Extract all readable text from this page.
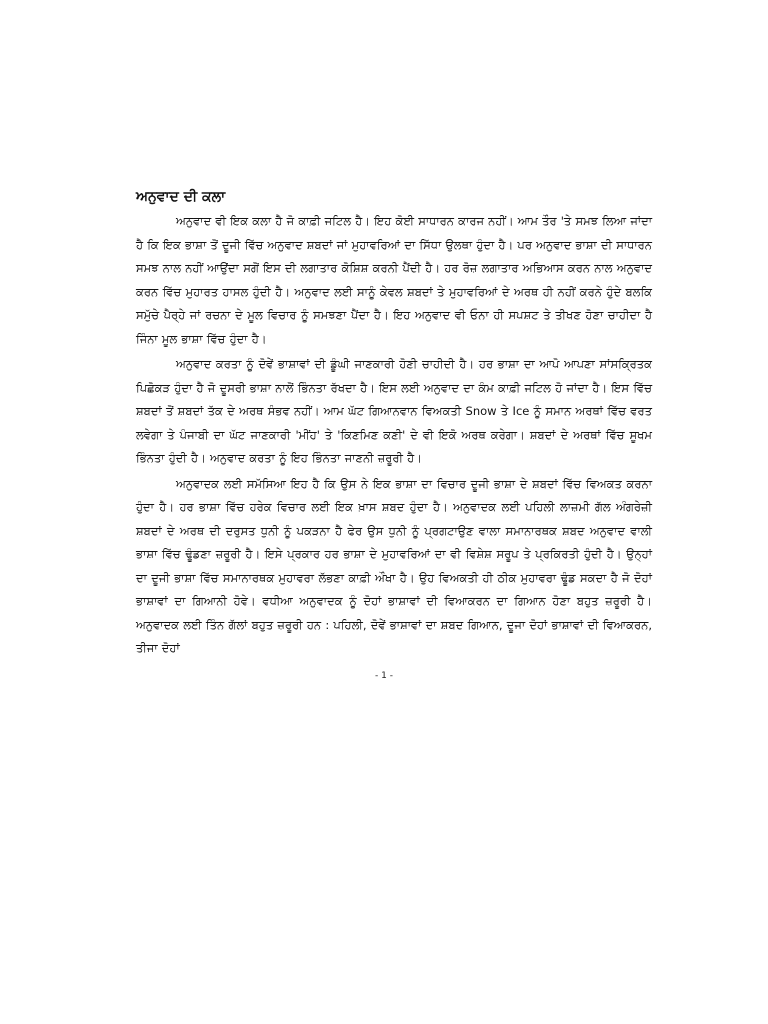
ਅਨੁਵਾਦ ਦੀ ਕਲਾ

ਅਨੁਵਾਦ ਵੀ ਇਕ ਕਲਾ ਹੈ ਜੋ ਕਾਫ਼ੀ ਜਟਿਲ ਹੈ। ਇਹ ਕੋਈ ਸਾਧਾਰਨ ਕਾਰਜ ਨਹੀਂ। ਆਮ ਤੌਰ 'ਤੇ ਸਮਝ ਲਿਆ ਜਾਂਦਾ ਹੈ ਕਿ ਇਕ ਭਾਸ਼ਾ ਤੋਂ ਦੂਜੀ ਵਿੱਚ ਅਨੁਵਾਦ ਸ਼ਬਦਾਂ ਜਾਂ ਮੁਹਾਵਰਿਆਂ ਦਾ ਸਿੱਧਾ ਉਲਥਾ ਹੁੰਦਾ ਹੈ। ਪਰ ਅਨੁਵਾਦ ਭਾਸ਼ਾ ਦੀ ਸਾਧਾਰਨ ਸਮਝ ਨਾਲ ਨਹੀਂ ਆਉਂਦਾ ਸਗੋਂ ਇਸ ਦੀ ਲਗਾਤਾਰ ਕੋਸ਼ਿਸ਼ ਕਰਨੀ ਪੈਂਦੀ ਹੈ। ਹਰ ਰੋਜ਼ ਲਗਾਤਾਰ ਅਭਿਆਸ ਕਰਨ ਨਾਲ ਅਨੁਵਾਦ ਕਰਨ ਵਿੱਚ ਮੁਹਾਰਤ ਹਾਸਲ ਹੁੰਦੀ ਹੈ। ਅਨੁਵਾਦ ਲਈ ਸਾਨੂੰ ਕੇਵਲ ਸ਼ਬਦਾਂ ਤੇ ਮੁਹਾਵਰਿਆਂ ਦੇ ਅਰਥ ਹੀ ਨਹੀਂ ਕਰਨੇ ਹੁੰਦੇ ਬਲਕਿ ਸਮੁੱਚੇ ਪੈਰ੍ਹੇ ਜਾਂ ਰਚਨਾ ਦੇ ਮੂਲ ਵਿਚਾਰ ਨੂੰ ਸਮਝਣਾ ਪੈਂਦਾ ਹੈ। ਇਹ ਅਨੁਵਾਦ ਵੀ ਓਨਾ ਹੀ ਸਪਸ਼ਟ ਤੇ ਤੀਖਣ ਹੋਣਾ ਚਾਹੀਦਾ ਹੈ ਜਿੰਨਾ ਮੂਲ ਭਾਸ਼ਾ ਵਿੱਚ ਹੁੰਦਾ ਹੈ।

ਅਨੁਵਾਦ ਕਰਤਾ ਨੂੰ ਦੋਵੇਂ ਭਾਸ਼ਾਵਾਂ ਦੀ ਡੂੰਘੀ ਜਾਣਕਾਰੀ ਹੋਣੀ ਚਾਹੀਦੀ ਹੈ। ਹਰ ਭਾਸ਼ਾ ਦਾ ਆਪੋ ਆਪਣਾ ਸਾਂਸਕ੍ਰਿਤਕ ਪਿਛੋਕੜ ਹੁੰਦਾ ਹੈ ਜੋ ਦੂਸਰੀ ਭਾਸ਼ਾ ਨਾਲੋਂ ਭਿੰਨਤਾ ਰੱਖਦਾ ਹੈ। ਇਸ ਲਈ ਅਨੁਵਾਦ ਦਾ ਕੰਮ ਕਾਫ਼ੀ ਜਟਿਲ ਹੋ ਜਾਂਦਾ ਹੈ। ਇਸ ਵਿੱਚ ਸ਼ਬਦਾਂ ਤੋਂ ਸ਼ਬਦਾਂ ਤੱਕ ਦੇ ਅਰਥ ਸੰਭਵ ਨਹੀਂ। ਆਮ ਘੱਟ ਗਿਆਨਵਾਨ ਵਿਅਕਤੀ Snow ਤੇ Ice ਨੂੰ ਸਮਾਨ ਅਰਥਾਂ ਵਿੱਚ ਵਰਤ ਲਵੇਗਾ ਤੇ ਪੰਜਾਬੀ ਦਾ ਘੱਟ ਜਾਣਕਾਰੀ 'ਮੀਂਹ' ਤੇ 'ਕਿਣਮਿਣ ਕਣੀ' ਦੇ ਵੀ ਇਕੋ ਅਰਥ ਕਰੇਗਾ। ਸ਼ਬਦਾਂ ਦੇ ਅਰਥਾਂ ਵਿੱਚ ਸੂਖਮ ਭਿੰਨਤਾ ਹੁੰਦੀ ਹੈ। ਅਨੁਵਾਦ ਕਰਤਾ ਨੂੰ ਇਹ ਭਿੰਨਤਾ ਜਾਣਨੀ ਜ਼ਰੂਰੀ ਹੈ।

ਅਨੁਵਾਦਕ ਲਈ ਸਮੱਸਿਆ ਇਹ ਹੈ ਕਿ ਉਸ ਨੇ ਇਕ ਭਾਸ਼ਾ ਦਾ ਵਿਚਾਰ ਦੂਜੀ ਭਾਸ਼ਾ ਦੇ ਸ਼ਬਦਾਂ ਵਿੱਚ ਵਿਅਕਤ ਕਰਨਾ ਹੁੰਦਾ ਹੈ। ਹਰ ਭਾਸ਼ਾ ਵਿੱਚ ਹਰੇਕ ਵਿਚਾਰ ਲਈ ਇਕ ਖ਼ਾਸ ਸ਼ਬਦ ਹੁੰਦਾ ਹੈ। ਅਨੁਵਾਦਕ ਲਈ ਪਹਿਲੀ ਲਾਜ਼ਮੀ ਗੱਲ ਅੰਗਰੇਜ਼ੀ ਸ਼ਬਦਾਂ ਦੇ ਅਰਥ ਦੀ ਦਰੁਸਤ ਧੁਨੀ ਨੂੰ ਪਕੜਨਾ ਹੈ ਫੇਰ ਉਸ ਧੁਨੀ ਨੂੰ ਪ੍ਰਗਟਾਉਣ ਵਾਲਾ ਸਮਾਨਾਰਥਕ ਸ਼ਬਦ ਅਨੁਵਾਦ ਵਾਲੀ ਭਾਸ਼ਾ ਵਿੱਚ ਢੂੰਡਣਾ ਜ਼ਰੂਰੀ ਹੈ। ਇਸੇ ਪ੍ਰਕਾਰ ਹਰ ਭਾਸ਼ਾ ਦੇ ਮੁਹਾਵਰਿਆਂ ਦਾ ਵੀ ਵਿਸ਼ੇਸ਼ ਸਰੂਪ ਤੇ ਪ੍ਰਕਿਰਤੀ ਹੁੰਦੀ ਹੈ। ਉਨ੍ਹਾਂ ਦਾ ਦੂਜੀ ਭਾਸ਼ਾ ਵਿੱਚ ਸਮਾਨਾਰਥਕ ਮੁਹਾਵਰਾ ਲੱਭਣਾ ਕਾਫ਼ੀ ਔਖਾ ਹੈ। ਉਹ ਵਿਅਕਤੀ ਹੀ ਠੀਕ ਮੁਹਾਵਰਾ ਢੂੰਡ ਸਕਦਾ ਹੈ ਜੋ ਦੋਹਾਂ ਭਾਸ਼ਾਵਾਂ ਦਾ ਗਿਆਨੀ ਹੋਵੇ। ਵਧੀਆ ਅਨੁਵਾਦਕ ਨੂੰ ਦੋਹਾਂ ਭਾਸ਼ਾਵਾਂ ਦੀ ਵਿਆਕਰਨ ਦਾ ਗਿਆਨ ਹੋਣਾ ਬਹੁਤ ਜ਼ਰੂਰੀ ਹੈ। ਅਨੁਵਾਦਕ ਲਈ ਤਿੰਨ ਗੱਲਾਂ ਬਹੁਤ ਜ਼ਰੂਰੀ ਹਨ : ਪਹਿਲੀ, ਦੋਵੇਂ ਭਾਸ਼ਾਵਾਂ ਦਾ ਸ਼ਬਦ ਗਿਆਨ, ਦੂਜਾ ਦੋਹਾਂ ਭਾਸ਼ਾਵਾਂ ਦੀ ਵਿਆਕਰਨ, ਤੀਜਾ ਦੋਹਾਂ

- 1 -
